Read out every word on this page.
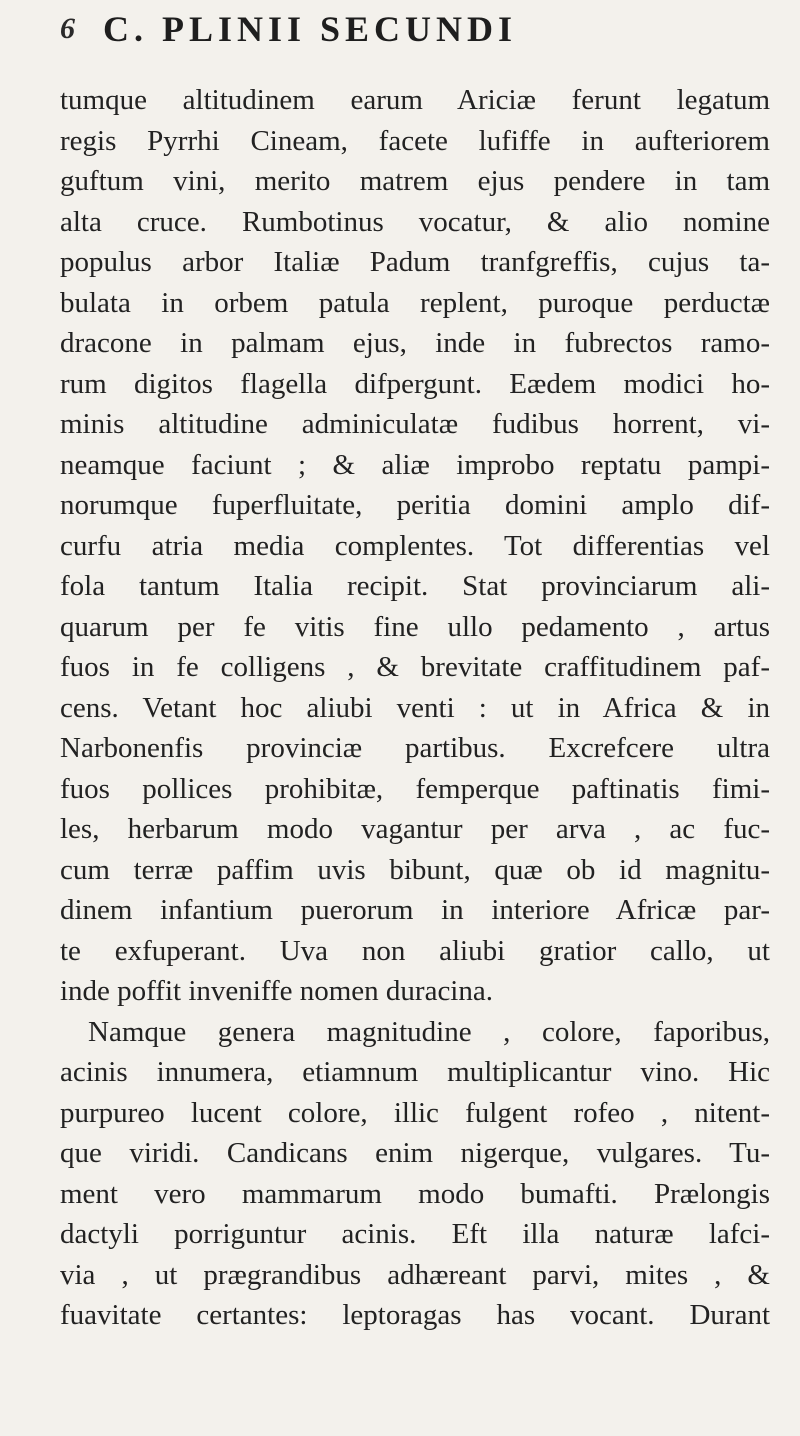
6 C. PLINII SECUNDI
tumque altitudinem earum Ariciæ ferunt legatum
regis Pyrrhi Cineam, facete lufiffe in aufteriorem
guftum vini, merito matrem ejus pendere in tam
alta cruce. Rumbotinus vocatur, & alio nomine
populus arbor Italiæ Padum tranfgreffis, cujus ta-
bulata in orbem patula replent, puroque perductæ
dracone in palmam ejus, inde in fubrectos ramo-
rum digitos flagella difpergunt. Eædem modici ho-
minis altitudine adminiculatæ fudibus horrent, vi-
neamque faciunt ; & aliæ improbo reptatu pampi-
norumque fuperfluitate, peritia domini amplo dif-
curfu atria media complentes. Tot differentias vel
fola tantum Italia recipit. Stat provinciarum ali-
quarum per fe vitis fine ullo pedamento , artus
fuos in fe colligens , & brevitate craffitudinem paf-
cens. Vetant hoc aliubi venti : ut in Africa & in
Narbonenfis provinciæ partibus. Excrefcere ultra
fuos pollices prohibitæ, femperque paftinatis fimi-
les, herbarum modo vagantur per arva , ac fuc-
cum terræ paffim uvis bibunt, quæ ob id magnitu-
dinem infantium puerorum in interiore Africæ par-
te exfuperant. Uva non aliubi gratior callo, ut
inde poffit inveniffe nomen duracina.
Namque genera magnitudine , colore, faporibus,
acinis innumera, etiamnum multiplicantur vino. Hic
purpureo lucent colore, illic fulgent rofeo , nitent-
que viridi. Candicans enim nigerque, vulgares. Tu-
ment vero mammarum modo bumafti. Prælongis
dactyli porriguntur acinis. Eft illa naturæ lafci-
via , ut prægrandibus adhæreant parvi, mites , &
fuavitate certantes: leptoragas has vocant. Durant
